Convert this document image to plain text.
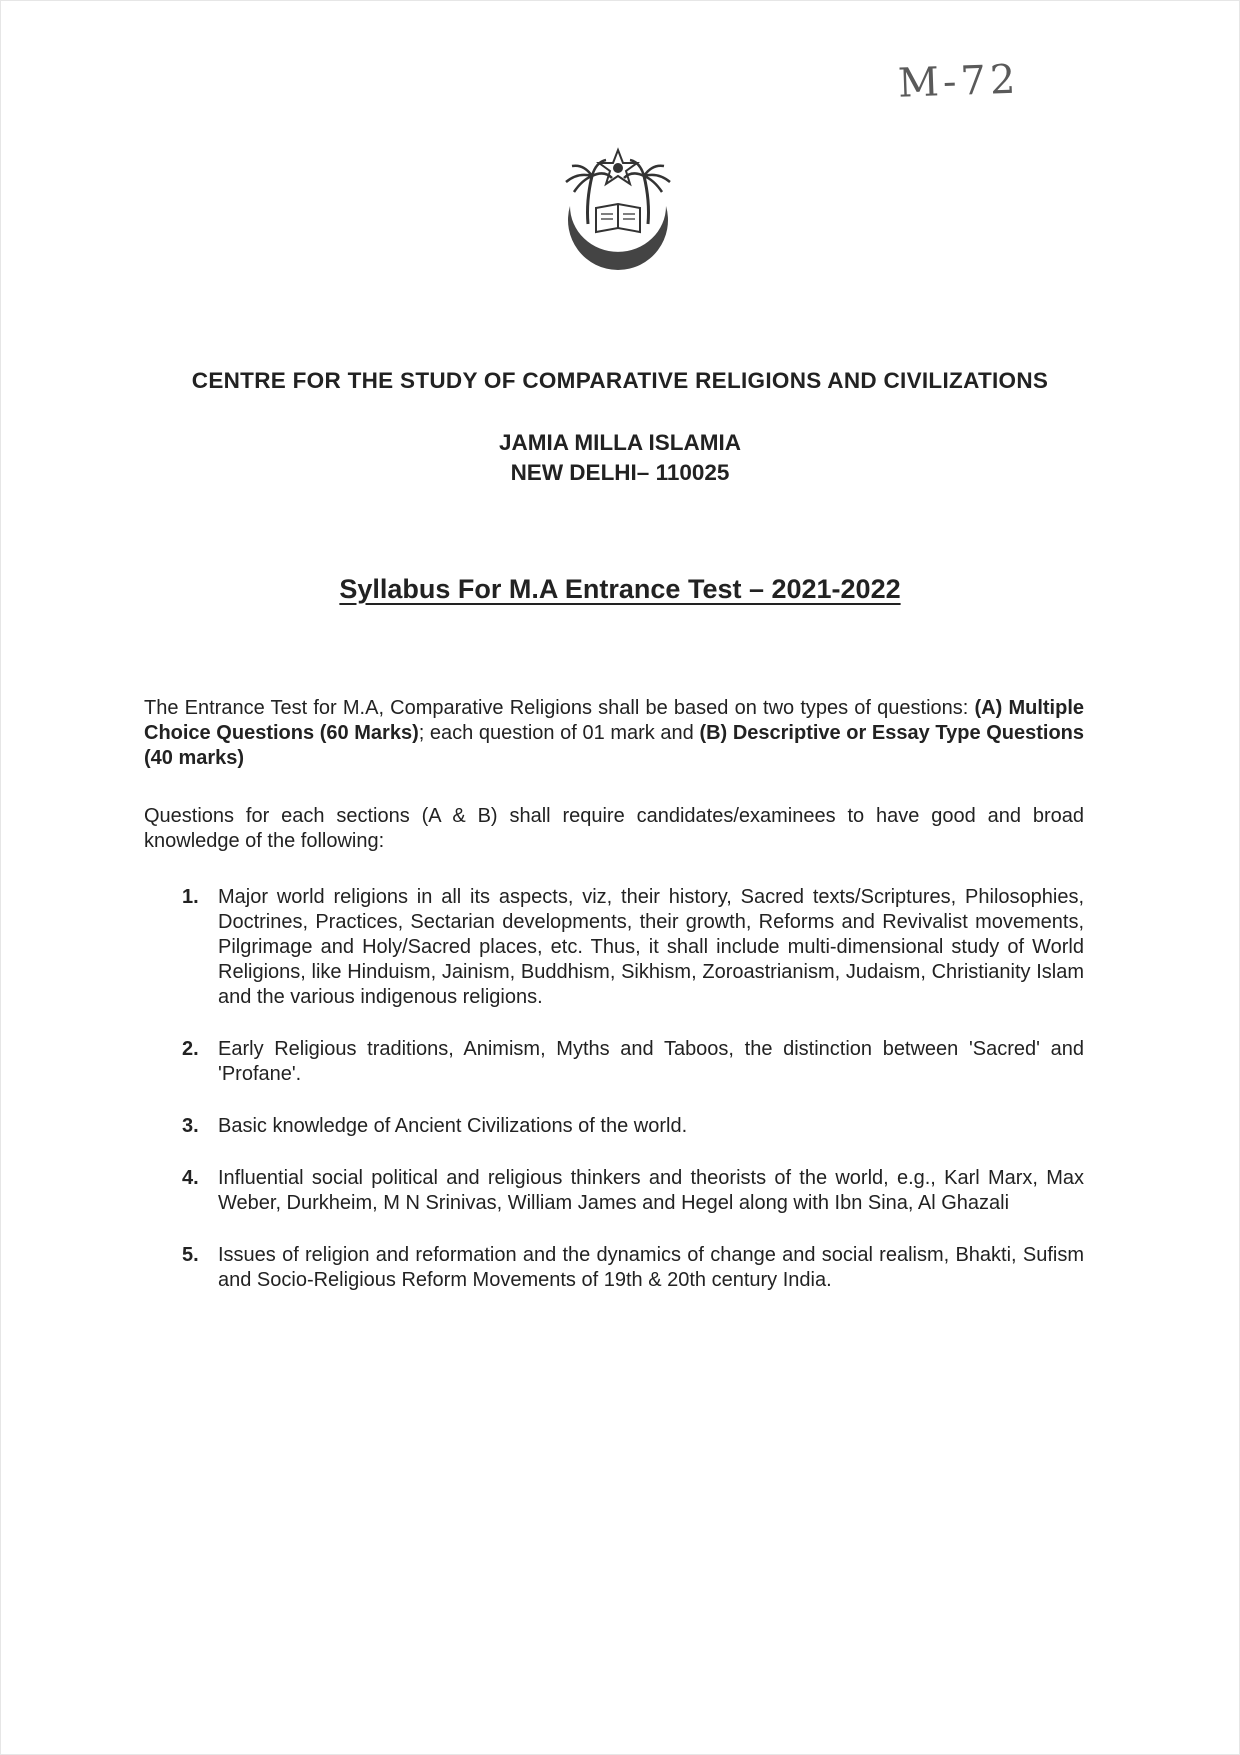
M-72
جامعہ ملیہ اسلامیہ
CENTRE FOR THE STUDY OF COMPARATIVE RELIGIONS AND CIVILIZATIONS
JAMIA MILLA ISLAMIA
NEW DELHI– 110025
Syllabus For M.A Entrance Test – 2021-2022
The Entrance Test for M.A, Comparative Religions shall be based on two types of questions: (A) Multiple Choice Questions (60 Marks); each question of 01 mark and (B) Descriptive or Essay Type Questions (40 marks)
Questions for each sections (A & B) shall require candidates/examinees to have good and broad knowledge of the following:
1. Major world religions in all its aspects, viz, their history, Sacred texts/Scriptures, Philosophies, Doctrines, Practices, Sectarian developments, their growth, Reforms and Revivalist movements, Pilgrimage and Holy/Sacred places, etc. Thus, it shall include multi-dimensional study of World Religions, like Hinduism, Jainism, Buddhism, Sikhism, Zoroastrianism, Judaism, Christianity Islam and the various indigenous religions.
2. Early Religious traditions, Animism, Myths and Taboos, the distinction between 'Sacred' and 'Profane'.
3. Basic knowledge of Ancient Civilizations of the world.
4. Influential social political and religious thinkers and theorists of the world, e.g., Karl Marx, Max Weber, Durkheim, M N Srinivas, William James and Hegel along with Ibn Sina, Al Ghazali
5. Issues of religion and reformation and the dynamics of change and social realism, Bhakti, Sufism and Socio-Religious Reform Movements of 19th & 20th century India.
